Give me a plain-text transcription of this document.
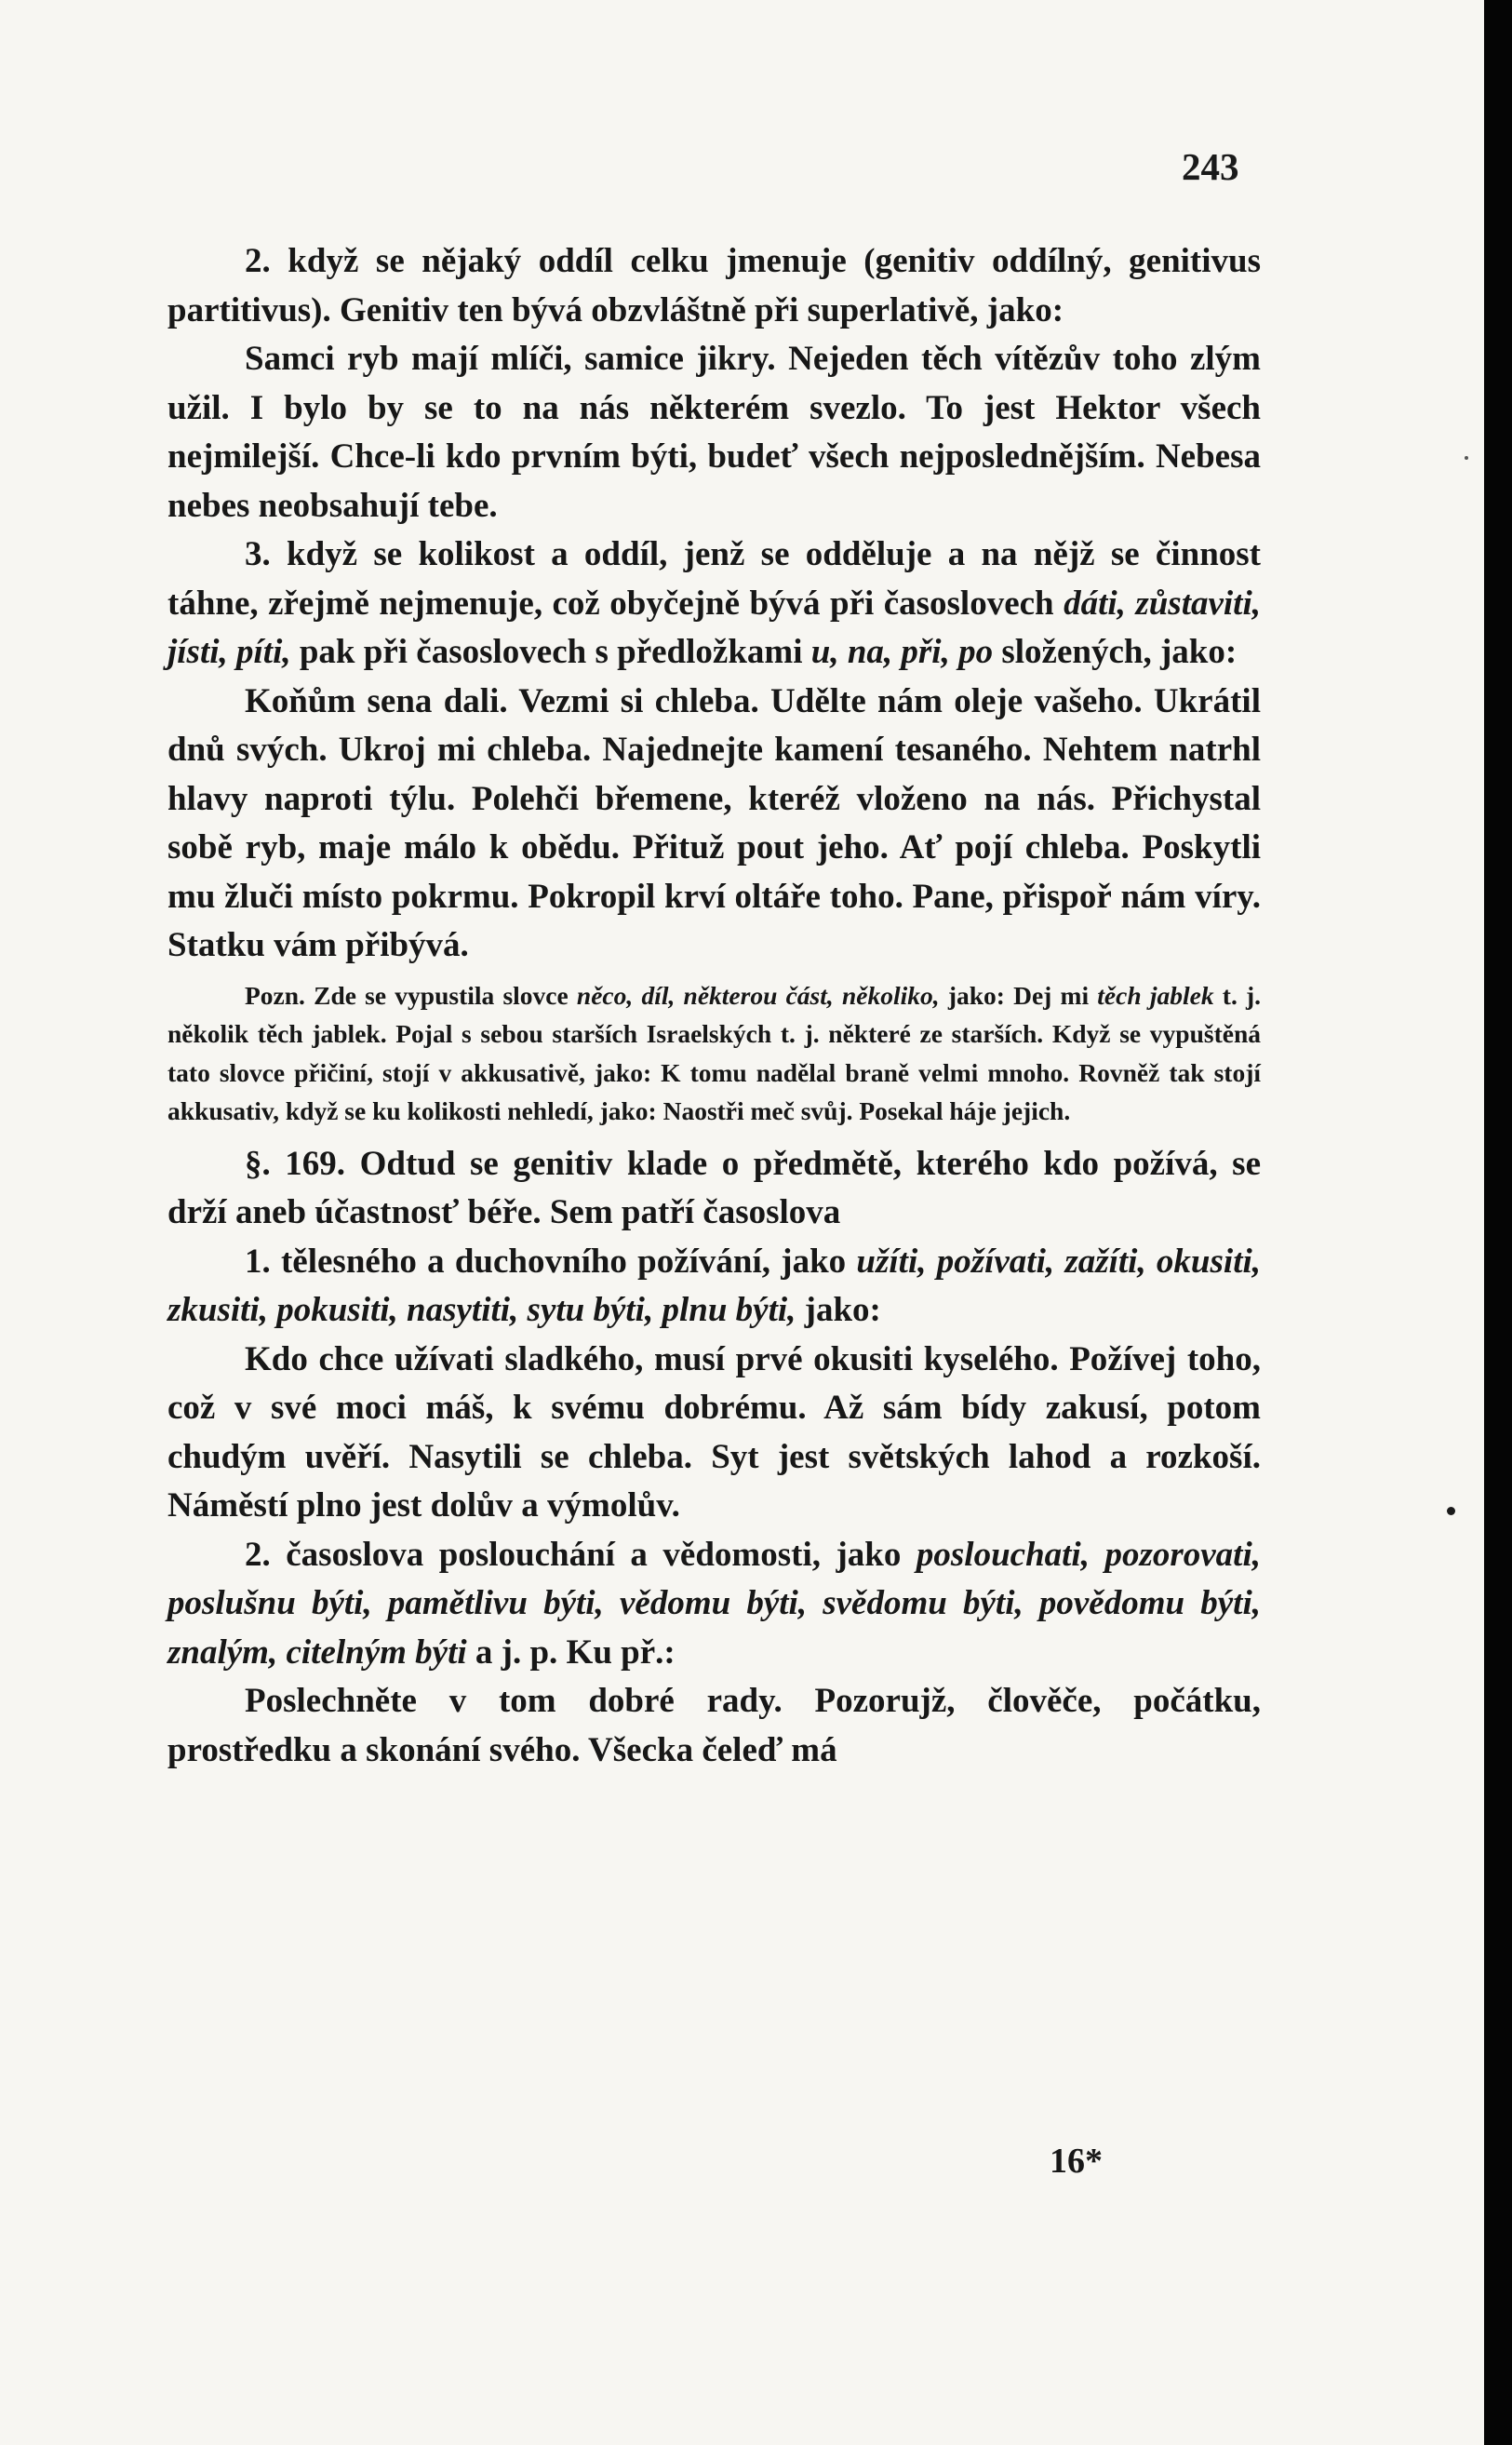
243

2. když se nějaký oddíl celku jmenuje (genitiv oddílný, genitivus partitivus). Genitiv ten bývá obzvláštně při superlativě, jako:

Samci ryb mají mlíči, samice jikry. Nejeden těch vítězův toho zlým užil. I bylo by se to na nás některém svezlo. To jest Hektor všech nejmilejší. Chce-li kdo prvním býti, budeť všech nejposlednějším. Nebesa nebes neobsahují tebe.

3. když se kolikost a oddíl, jenž se odděluje a na nějž se činnost táhne, zřejmě nejmenuje, což obyčejně bývá při časoslovech dáti, zůstaviti, jísti, píti, pak při časoslovech s předložkami u, na, při, po složených, jako:

Koňům sena dali. Vezmi si chleba. Udělte nám oleje vašeho. Ukrátil dnů svých. Ukroj mi chleba. Najednejte kamení tesaného. Nehtem natrhl hlavy naproti týlu. Polehči břemene, kteréž vloženo na nás. Přichystal sobě ryb, maje málo k obědu. Přituž pout jeho. Ať pojí chleba. Poskytli mu žluči místo pokrmu. Pokropil krví oltáře toho. Pane, přispoř nám víry. Statku vám přibývá.

Pozn. Zde se vypustila slovce něco, díl, některou část, několiko, jako: Dej mi těch jablek t. j. několik těch jablek. Pojal s sebou starších Israelských t. j. některé ze starších. Když se vypuštěná tato slovce přičiní, stojí v akkusativě, jako: K tomu nadělal braně velmi mnoho. Rovněž tak stojí akkusativ, když se ku kolikosti nehledí, jako: Naostři meč svůj. Posekal háje jejich.

§. 169. Odtud se genitiv klade o předmětě, kterého kdo požívá, se drží aneb účastnosť béře. Sem patří časoslova

1. tělesného a duchovního požívání, jako užíti, požívati, zažíti, okusiti, zkusiti, pokusiti, nasytiti, sytu býti, plnu býti, jako:

Kdo chce užívati sladkého, musí prvé okusiti kyselého. Požívej toho, což v své moci máš, k svému dobrému. Až sám bídy zakusí, potom chudým uvěří. Nasytili se chleba. Syt jest světských lahod a rozkoší. Náměstí plno jest dolův a výmolův.

2. časoslova poslouchání a vědomosti, jako poslouchati, pozorovati, poslušnu býti, pamětlivu býti, vědomu býti, svědomu býti, povědomu býti, znalým, citelným býti a j. p. Ku př.:

Poslechněte v tom dobré rady. Pozorujž, člověče, počátku, prostředku a skonání svého. Všecka čeleď má

16*
